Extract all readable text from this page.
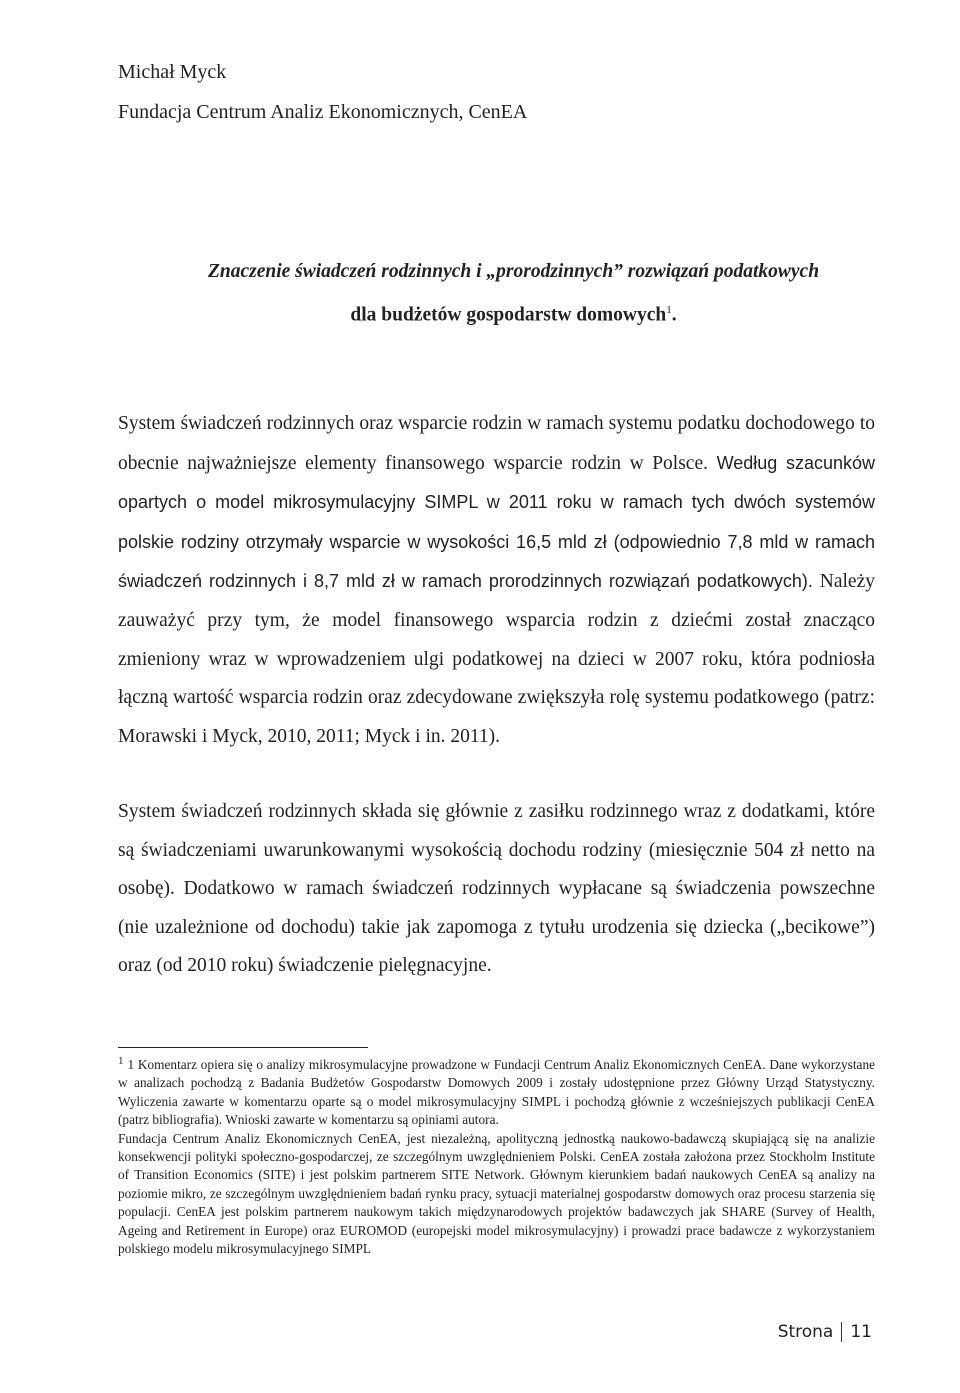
Michał Myck
Fundacja Centrum Analiz Ekonomicznych, CenEA
Znaczenie świadczeń rodzinnych i „prorodzinnych” rozwiązań podatkowych
dla budżetów gospodarstw domowych$^1$.
System świadczeń rodzinnych oraz wsparcie rodzin w ramach systemu podatku dochodowego to obecnie najważniejsze elementy finansowego wsparcie rodzin w Polsce. Według szacunków opartych o model mikrosymulacyjny SIMPL w 2011 roku w ramach tych dwóch systemów polskie rodziny otrzymały wsparcie w wysokości 16,5 mld zł (odpowiednio 7,8 mld w ramach świadczeń rodzinnych i 8,7 mld zł w ramach prorodzinnych rozwiązań podatkowych). Należy zauważyć przy tym, że model finansowego wsparcia rodzin z dziećmi został znacząco zmieniony wraz w wprowadzeniem ulgi podatkowej na dzieci w 2007 roku, która podniosła łączną wartość wsparcia rodzin oraz zdecydowane zwiększyła rolę systemu podatkowego (patrz: Morawski i Myck, 2010, 2011; Myck i in. 2011).
System świadczeń rodzinnych składa się głównie z zasiłku rodzinnego wraz z dodatkami, które są świadczeniami uwarunkowanymi wysokością dochodu rodziny (miesięcznie 504 zł netto na osobę). Dodatkowo w ramach świadczeń rodzinnych wypłacane są świadczenia powszechne (nie uzależnione od dochodu) takie jak zapomoga z tytułu urodzenia się dziecka („becikowe”) oraz (od 2010 roku) świadczenie pielęgnacyjne.

$^1$ 1 Komentarz opiera się o analizy mikrosymulacyjne prowadzone w Fundacji Centrum Analiz Ekonomicznych CenEA. Dane wykorzystane w analizach pochodzą z Badania Budżetów Gospodarstw Domowych 2009 i zostały udostępnione przez Główny Urząd Statystyczny. Wyliczenia zawarte w komentarzu oparte są o model mikrosymulacyjny SIMPL i pochodzą głównie z wcześniejszych publikacji CenEA (patrz bibliografia). Wnioski zawarte w komentarzu są opiniami autora.

Fundacja Centrum Analiz Ekonomicznych CenEA, jest niezależną, apolityczną jednostką naukowo-badawczą skupiającą się na analizie konsekwencji polityki społeczno-gospodarczej, ze szczególnym uwzględnieniem Polski. CenEA została założona przez Stockholm Institute of Transition Economics (SITE) i jest polskim partnerem SITE Network. Głównym kierunkiem badań naukowych CenEA są analizy na poziomie mikro, ze szczególnym uwzględnieniem badań rynku pracy, sytuacji materialnej gospodarstw domowych oraz procesu starzenia się populacji. CenEA jest polskim partnerem naukowym takich międzynarodowych projektów badawczych jak SHARE (Survey of Health, Ageing and Retirement in Europe) oraz EUROMOD (europejski model mikrosymulacyjny) i prowadzi prace badawcze z wykorzystaniem polskiego modelu mikrosymulacyjnego SIMPL

Strona 11
